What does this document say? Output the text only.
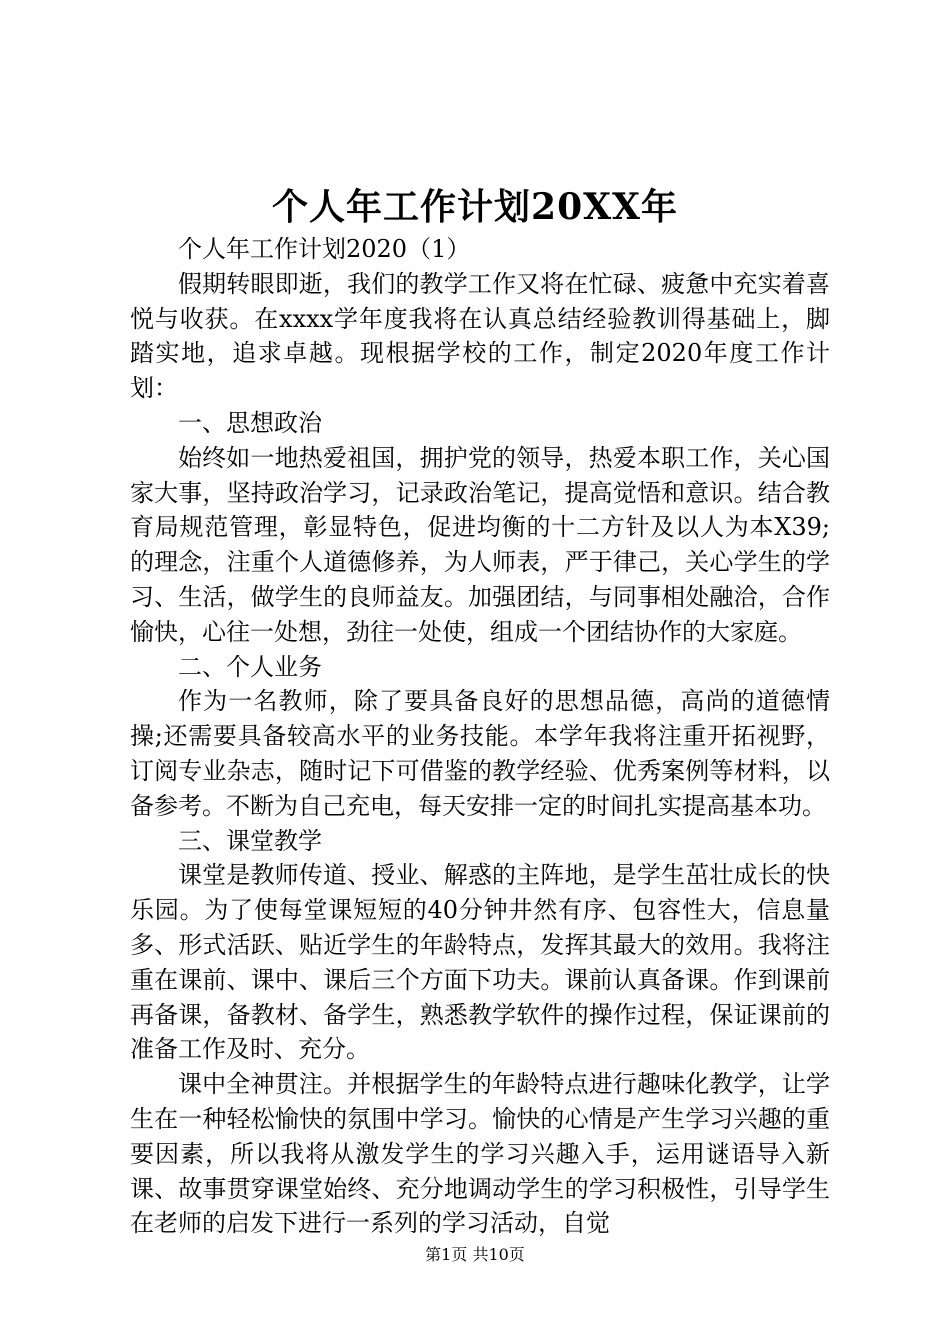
个人年工作计划20XX年

个人年工作计划2020（1）

假期转眼即逝，我们的教学工作又将在忙碌、疲惫中充实着喜悦与收获。在xxxx学年度我将在认真总结经验教训得基础上，脚踏实地，追求卓越。现根据学校的工作，制定2020年度工作计划：

一、思想政治

始终如一地热爱祖国，拥护党的领导，热爱本职工作，关心国家大事，坚持政治学习，记录政治笔记，提高觉悟和意识。结合教育局规范管理，彰显特色，促进均衡的十二方针及以人为本X39;的理念，注重个人道德修养，为人师表，严于律己，关心学生的学习、生活，做学生的良师益友。加强团结，与同事相处融洽，合作愉快，心往一处想，劲往一处使，组成一个团结协作的大家庭。

二、个人业务

作为一名教师，除了要具备良好的思想品德，高尚的道德情操;还需要具备较高水平的业务技能。本学年我将注重开拓视野，订阅专业杂志，随时记下可借鉴的教学经验、优秀案例等材料，以备参考。不断为自己充电，每天安排一定的时间扎实提高基本功。

三、课堂教学

课堂是教师传道、授业、解惑的主阵地，是学生茁壮成长的快乐园。为了使每堂课短短的40分钟井然有序、包容性大，信息量多、形式活跃、贴近学生的年龄特点，发挥其最大的效用。我将注重在课前、课中、课后三个方面下功夫。课前认真备课。作到课前再备课，备教材、备学生，熟悉教学软件的操作过程，保证课前的准备工作及时、充分。

课中全神贯注。并根据学生的年龄特点进行趣味化教学，让学生在一种轻松愉快的氛围中学习。愉快的心情是产生学习兴趣的重要因素，所以我将从激发学生的学习兴趣入手，运用谜语导入新课、故事贯穿课堂始终、充分地调动学生的学习积极性，引导学生在老师的启发下进行一系列的学习活动，自觉

第1页 共10页
